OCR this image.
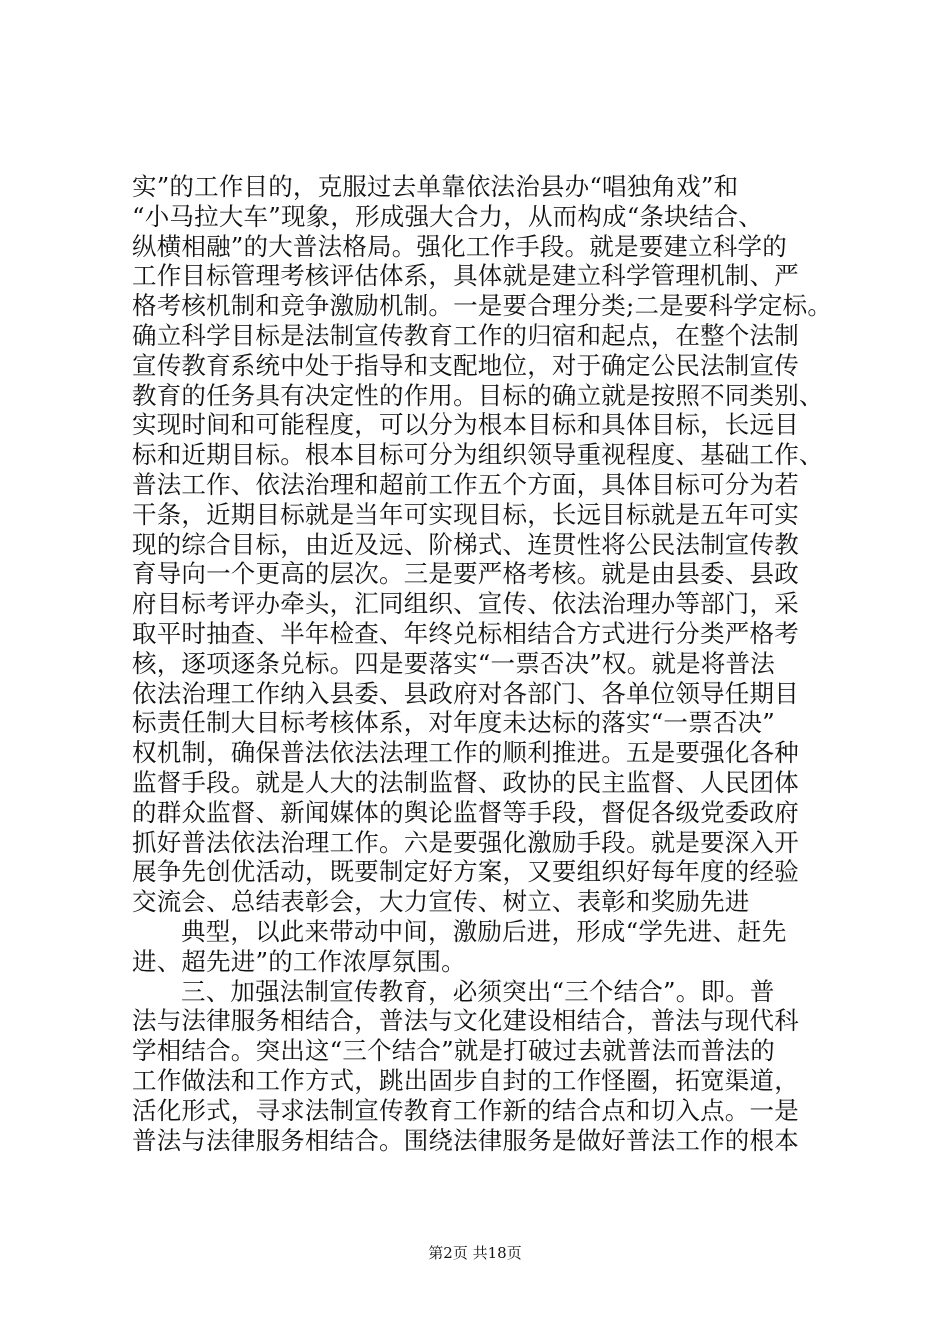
实”的工作目的，克服过去单靠依法治县办“唱独角戏”和
“小马拉大车”现象，形成强大合力，从而构成“条块结合、
纵横相融”的大普法格局。强化工作手段。就是要建立科学的
工作目标管理考核评估体系，具体就是建立科学管理机制、严
格考核机制和竞争激励机制。一是要合理分类;二是要科学定标。
确立科学目标是法制宣传教育工作的归宿和起点，在整个法制
宣传教育系统中处于指导和支配地位，对于确定公民法制宣传
教育的任务具有决定性的作用。目标的确立就是按照不同类别、
实现时间和可能程度，可以分为根本目标和具体目标，长远目
标和近期目标。根本目标可分为组织领导重视程度、基础工作、
普法工作、依法治理和超前工作五个方面，具体目标可分为若
干条，近期目标就是当年可实现目标，长远目标就是五年可实
现的综合目标，由近及远、阶梯式、连贯性将公民法制宣传教
育导向一个更高的层次。三是要严格考核。就是由县委、县政
府目标考评办牵头，汇同组织、宣传、依法治理办等部门，采
取平时抽查、半年检查、年终兑标相结合方式进行分类严格考
核，逐项逐条兑标。四是要落实“一票否决”权。就是将普法
依法治理工作纳入县委、县政府对各部门、各单位领导任期目
标责任制大目标考核体系，对年度未达标的落实“一票否决”
权机制，确保普法依法法理工作的顺利推进。五是要强化各种
监督手段。就是人大的法制监督、政协的民主监督、人民团体
的群众监督、新闻媒体的舆论监督等手段，督促各级党委政府
抓好普法依法治理工作。六是要强化激励手段。就是要深入开
展争先创优活动，既要制定好方案，又要组织好每年度的经验
交流会、总结表彰会，大力宣传、树立、表彰和奖励先进
典型，以此来带动中间，激励后进，形成“学先进、赶先
进、超先进”的工作浓厚氛围。
三、加强法制宣传教育，必须突出“三个结合”。即。普
法与法律服务相结合，普法与文化建设相结合，普法与现代科
学相结合。突出这“三个结合”就是打破过去就普法而普法的
工作做法和工作方式，跳出固步自封的工作怪圈，拓宽渠道，
活化形式，寻求法制宣传教育工作新的结合点和切入点。一是
普法与法律服务相结合。围绕法律服务是做好普法工作的根本
第2页 共18页
